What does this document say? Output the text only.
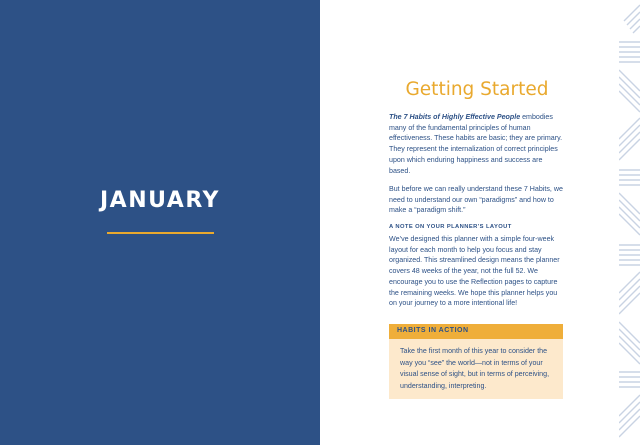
JANUARY
Getting Started

The 7 Habits of Highly Effective People embodies many of the fundamental principles of human effectiveness. These habits are basic; they are primary. They represent the internalization of correct principles upon which enduring happiness and success are based.

But before we can really understand these 7 Habits, we need to understand our own “paradigms” and how to make a “paradigm shift.”

A NOTE ON YOUR PLANNER’S LAYOUT

We’ve designed this planner with a simple four-week layout for each month to help you focus and stay organized. This streamlined design means the planner covers 48 weeks of the year, not the full 52. We encourage you to use the Reflection pages to capture the remaining weeks. We hope this planner helps you on your journey to a more intentional life!

HABITS IN ACTION

Take the first month of this year to consider the way you “see” the world—not in terms of your visual sense of sight, but in terms of perceiving, understanding, interpreting.
